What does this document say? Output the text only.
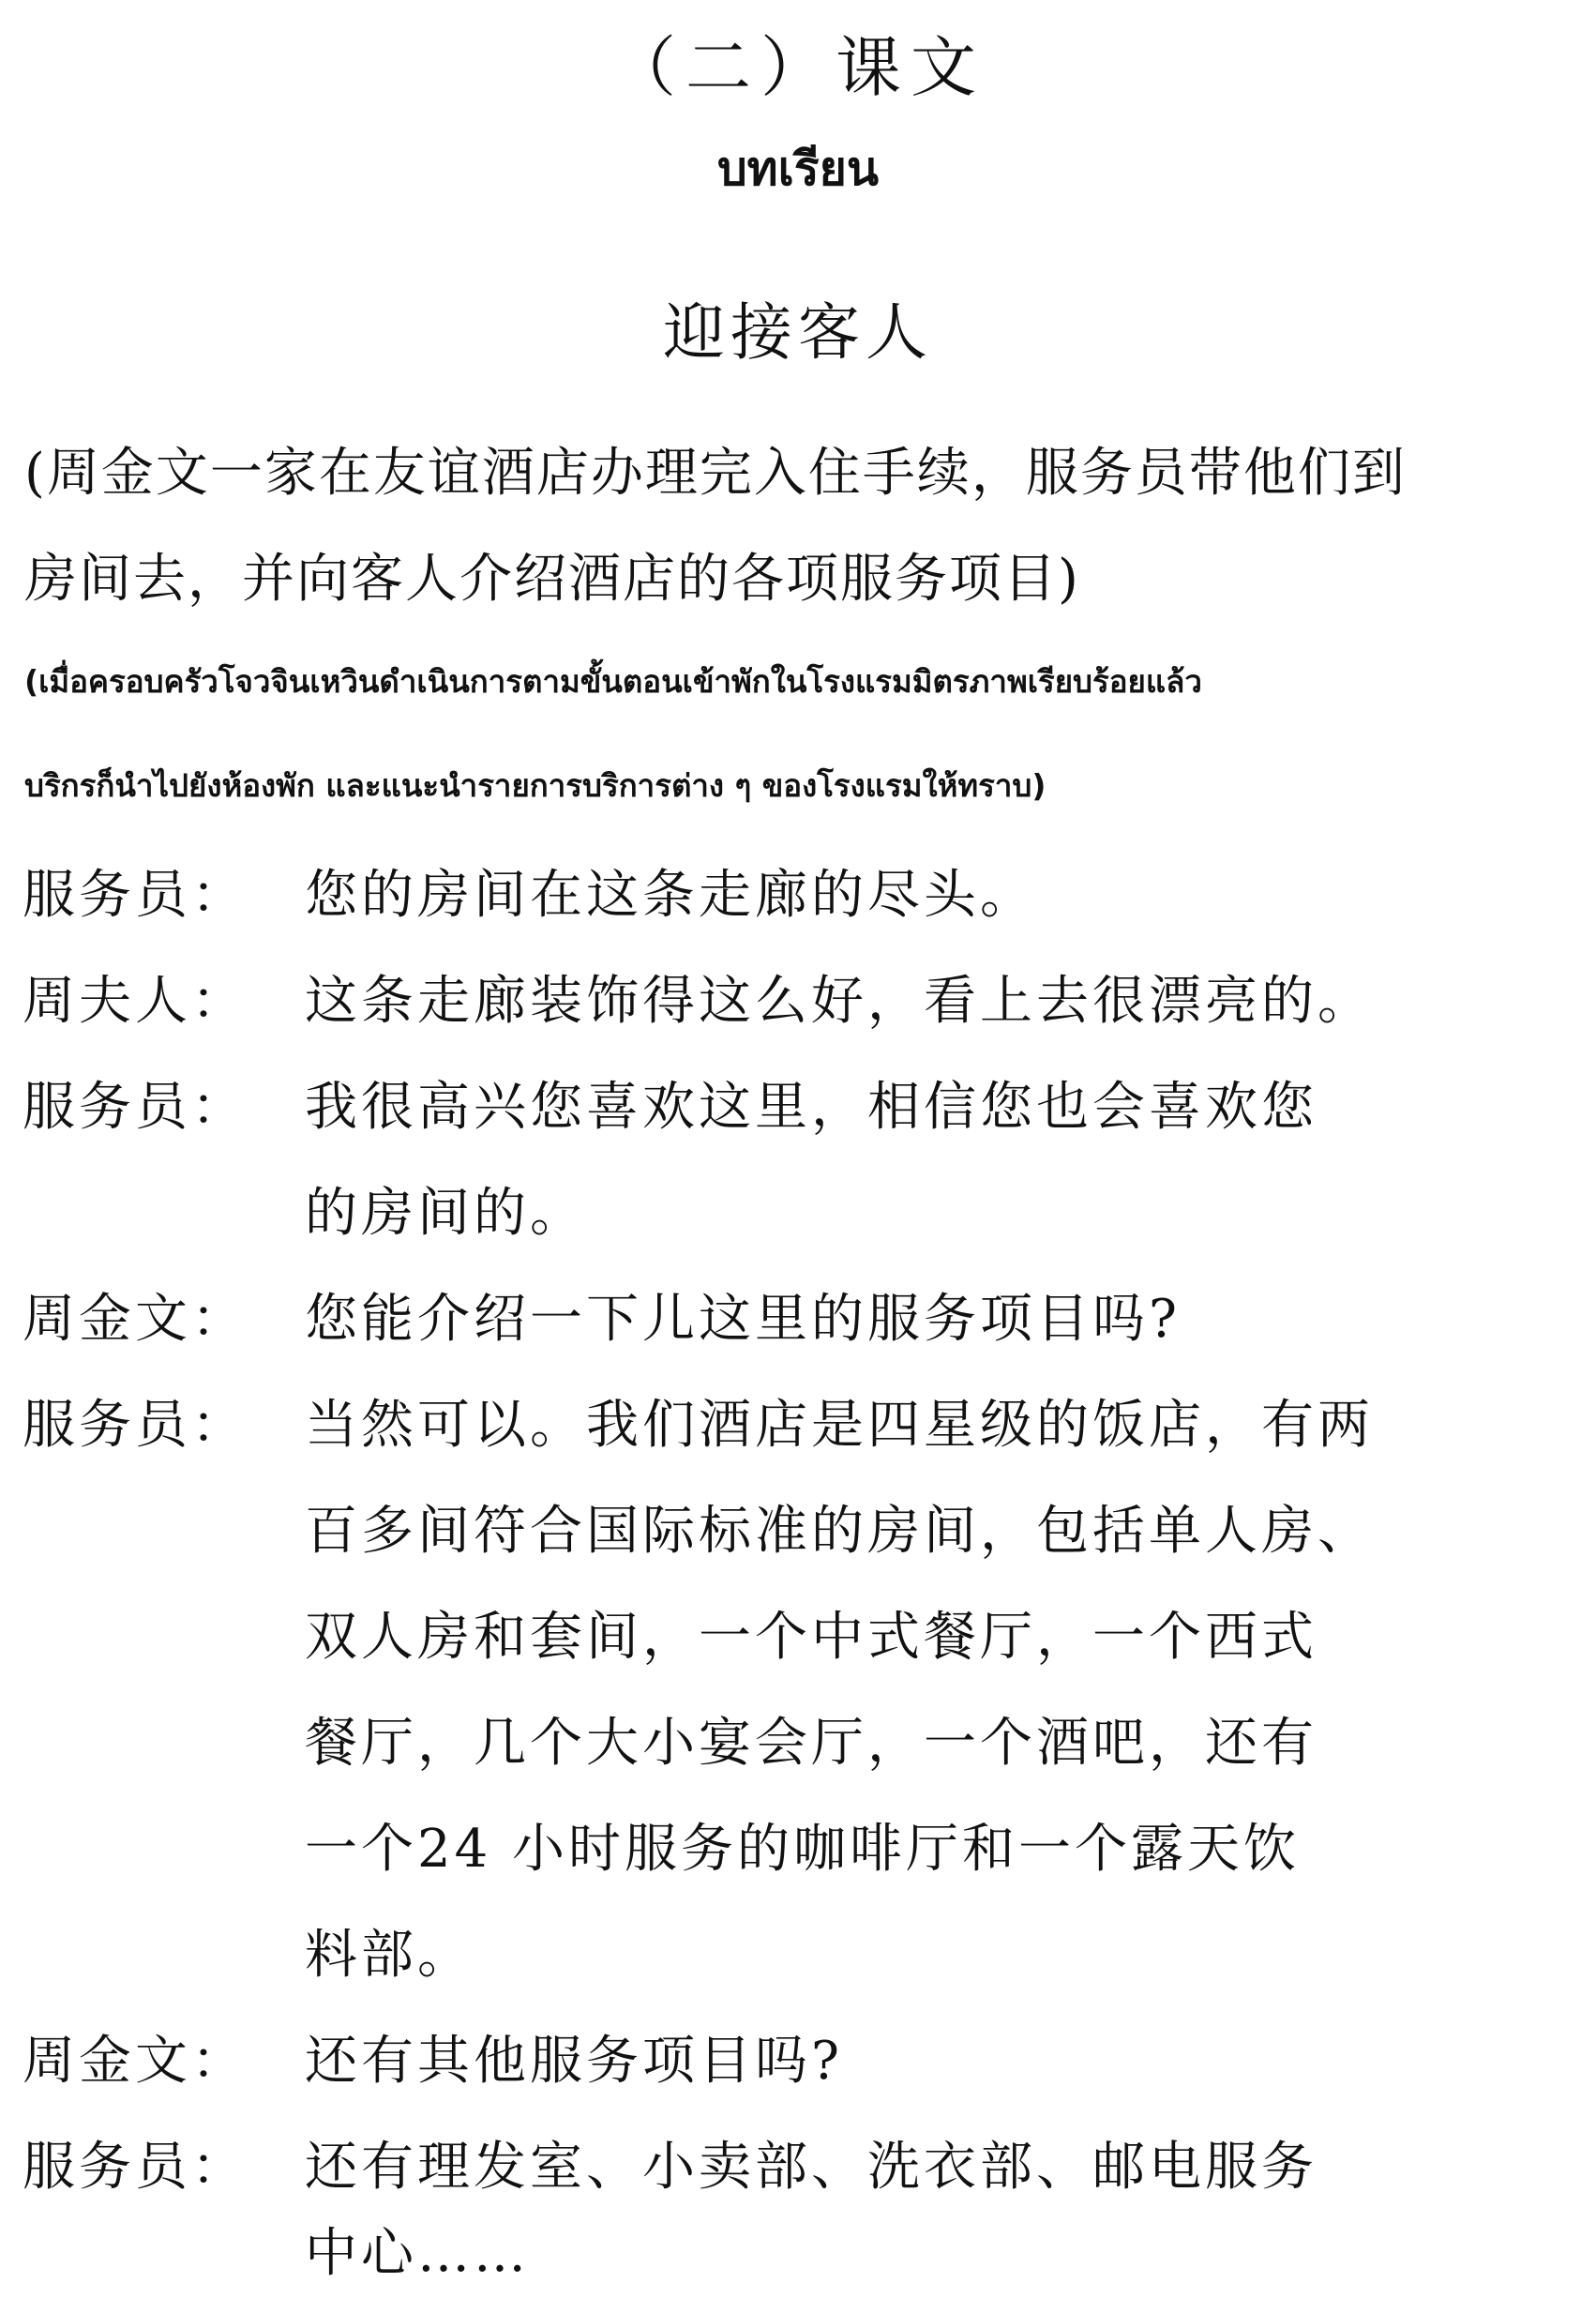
（二）课文
บทเรียน
迎接客人
(周金文一家在友谊酒店办理完入住手续，服务员带他们到
房间去，并向客人介绍酒店的各项服务项目)
(เมื่อครอบครัวโจวจินเหวินดำเนินการตามขั้นตอนเข้าพักในโรงแรมมิตรภาพเรียบร้อยแล้ว
บริกรก็นำไปยังห้องพัก และแนะนำรายการบริการต่าง ๆ ของโรงแรมให้ทราบ)
服务员：	您的房间在这条走廊的尽头。
周夫人：	这条走廊装饰得这么好，看上去很漂亮的。
服务员：	我很高兴您喜欢这里，相信您也会喜欢您
的房间的。
周金文：	您能介绍一下儿这里的服务项目吗?
服务员：	当然可以。我们酒店是四星级的饭店，有两
百多间符合国际标准的房间，包括单人房、
双人房和套间，一个中式餐厅，一个西式
餐厅，几个大小宴会厅，一个酒吧，还有
一个24 小时服务的咖啡厅和一个露天饮
料部。
周金文：	还有其他服务项目吗?
服务员：	还有理发室、小卖部、洗衣部、邮电服务
中心……
